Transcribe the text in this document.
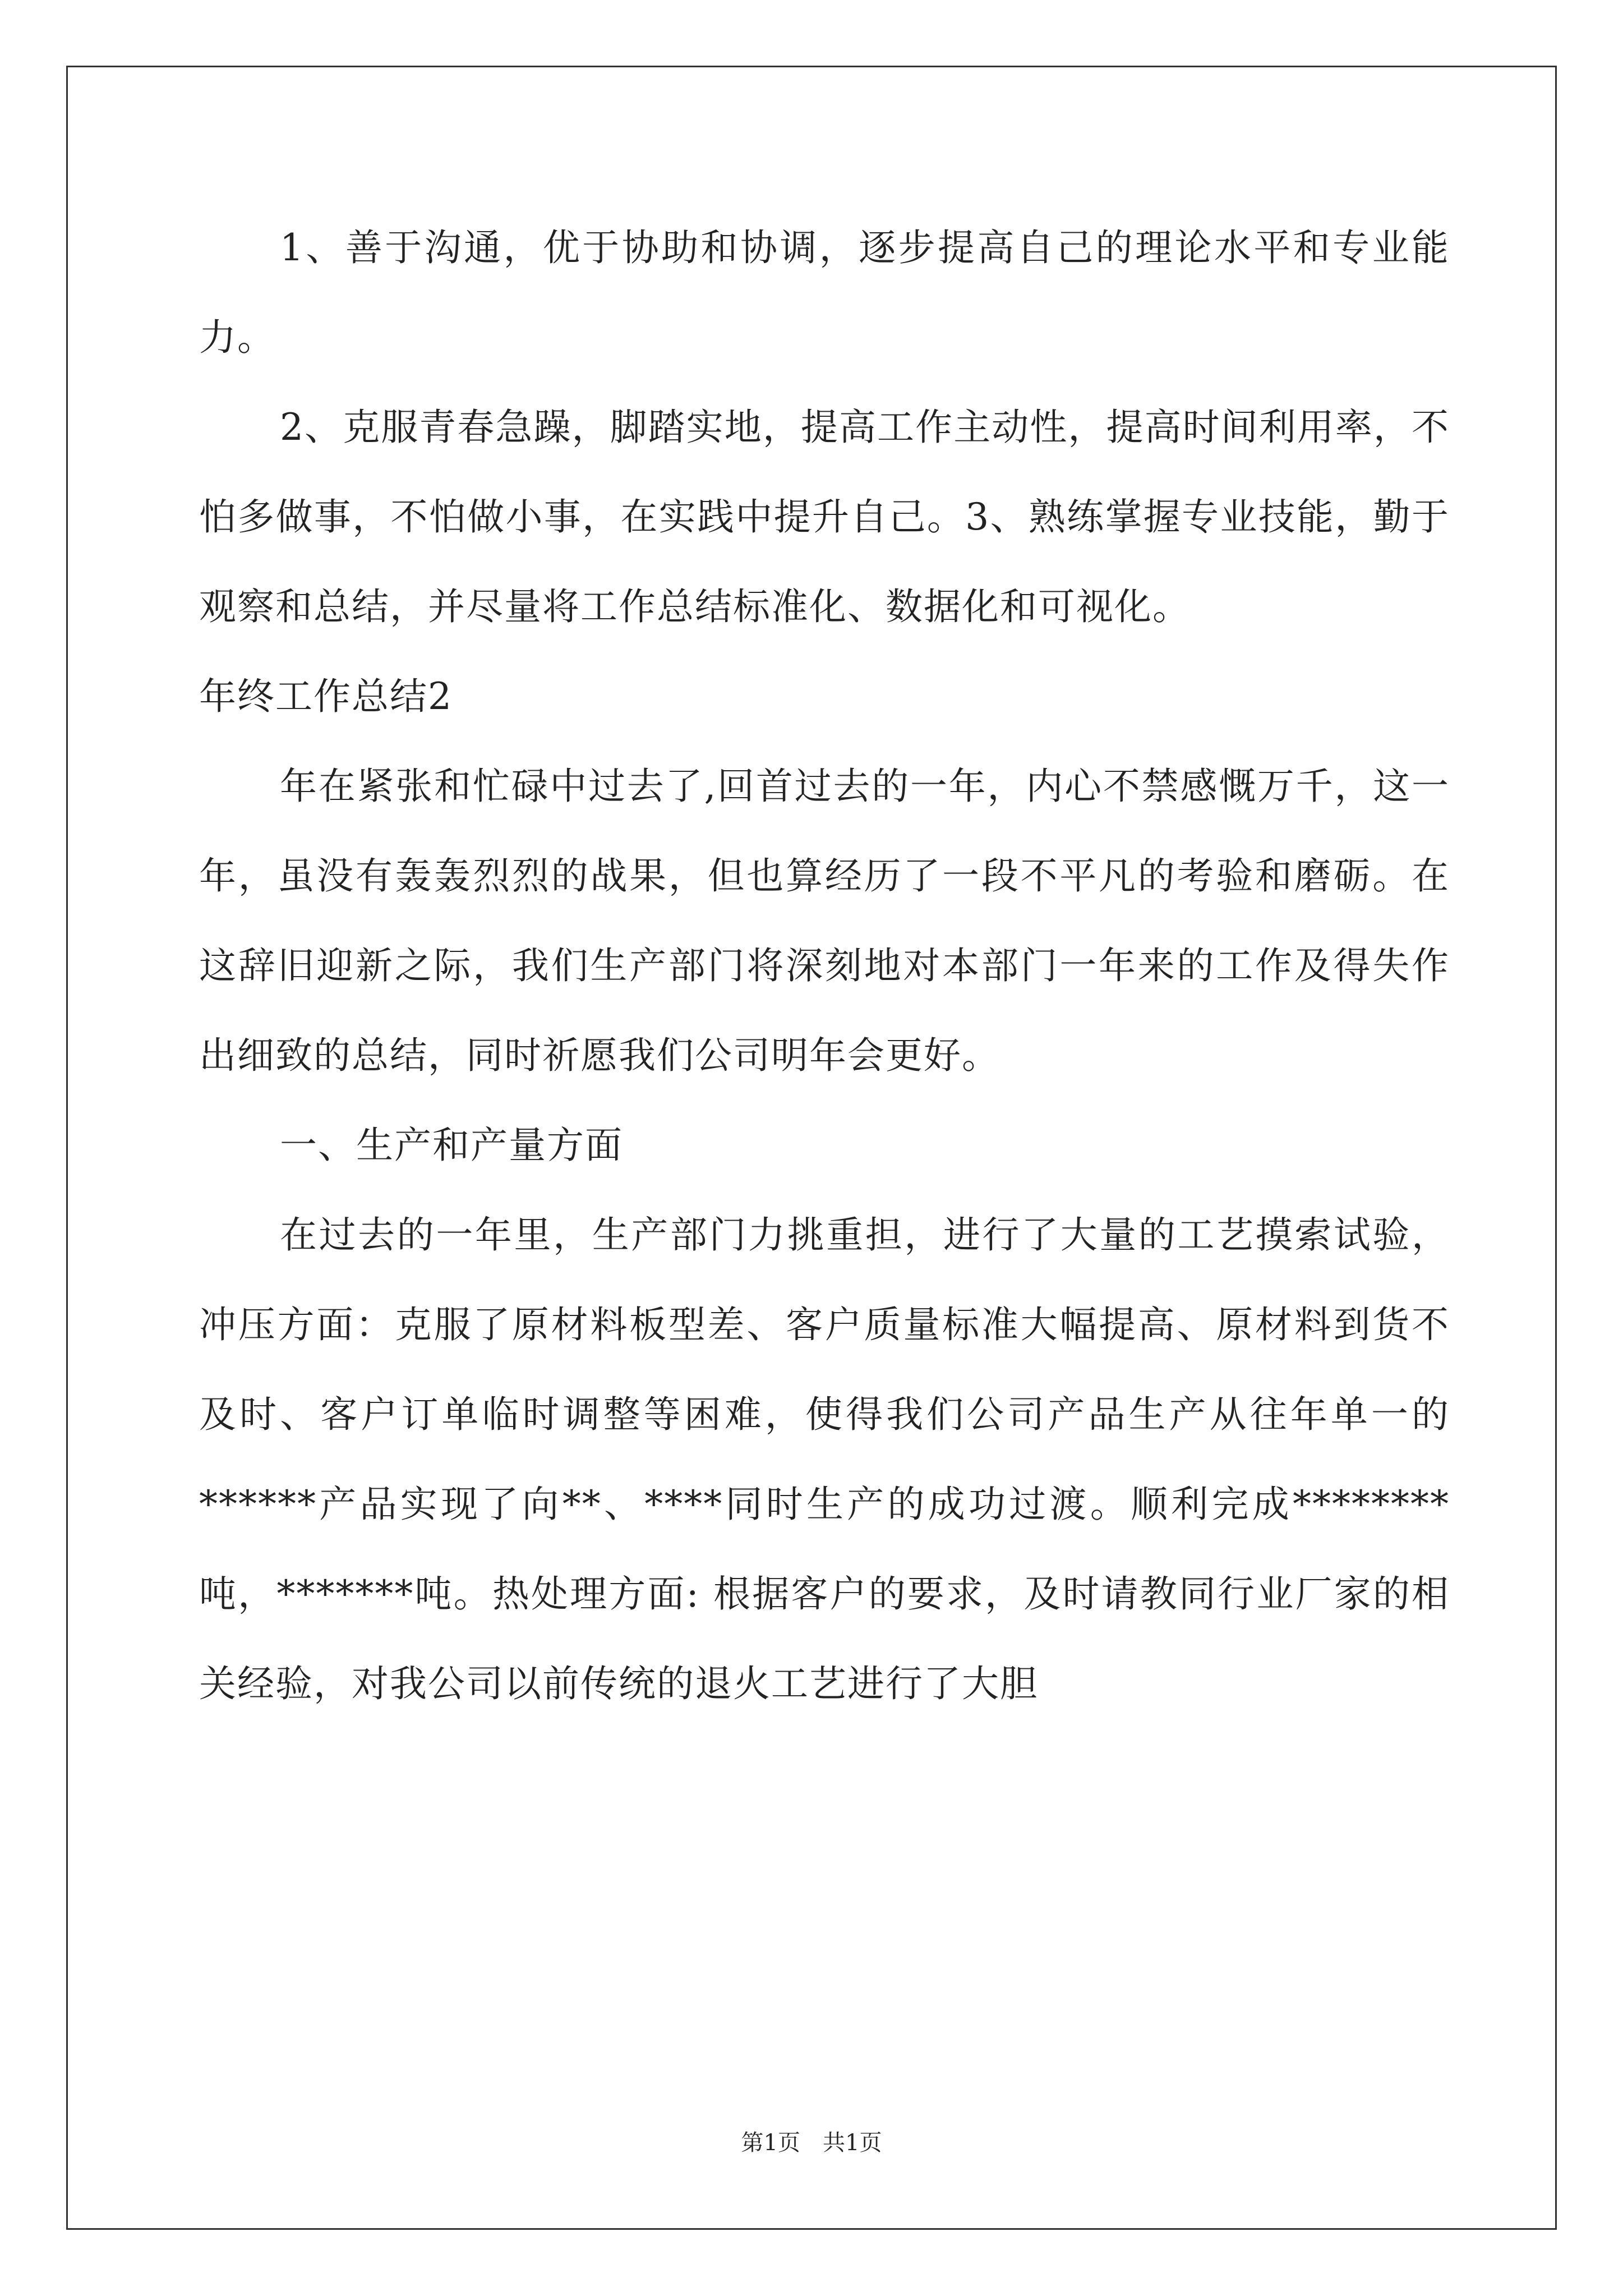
1、善于沟通，优于协助和协调，逐步提高自己的理论水平和专业能力。

2、克服青春急躁，脚踏实地，提高工作主动性，提高时间利用率，不怕多做事，不怕做小事，在实践中提升自己。3、熟练掌握专业技能，勤于观察和总结，并尽量将工作总结标准化、数据化和可视化。

年终工作总结2

年在紧张和忙碌中过去了,回首过去的一年，内心不禁感慨万千，这一年，虽没有轰轰烈烈的战果，但也算经历了一段不平凡的考验和磨砺。在这辞旧迎新之际，我们生产部门将深刻地对本部门一年来的工作及得失作出细致的总结，同时祈愿我们公司明年会更好。

一、生产和产量方面

在过去的一年里，生产部门力挑重担，进行了大量的工艺摸索试验，冲压方面：克服了原材料板型差、客户质量标准大幅提高、原材料到货不及时、客户订单临时调整等困难，使得我们公司产品生产从往年单一的******产品实现了向**、****同时生产的成功过渡。顺利完成********吨，*******吨。热处理方面: 根据客户的要求，及时请教同行业厂家的相关经验，对我公司以前传统的退火工艺进行了大胆

第1页　共1页
